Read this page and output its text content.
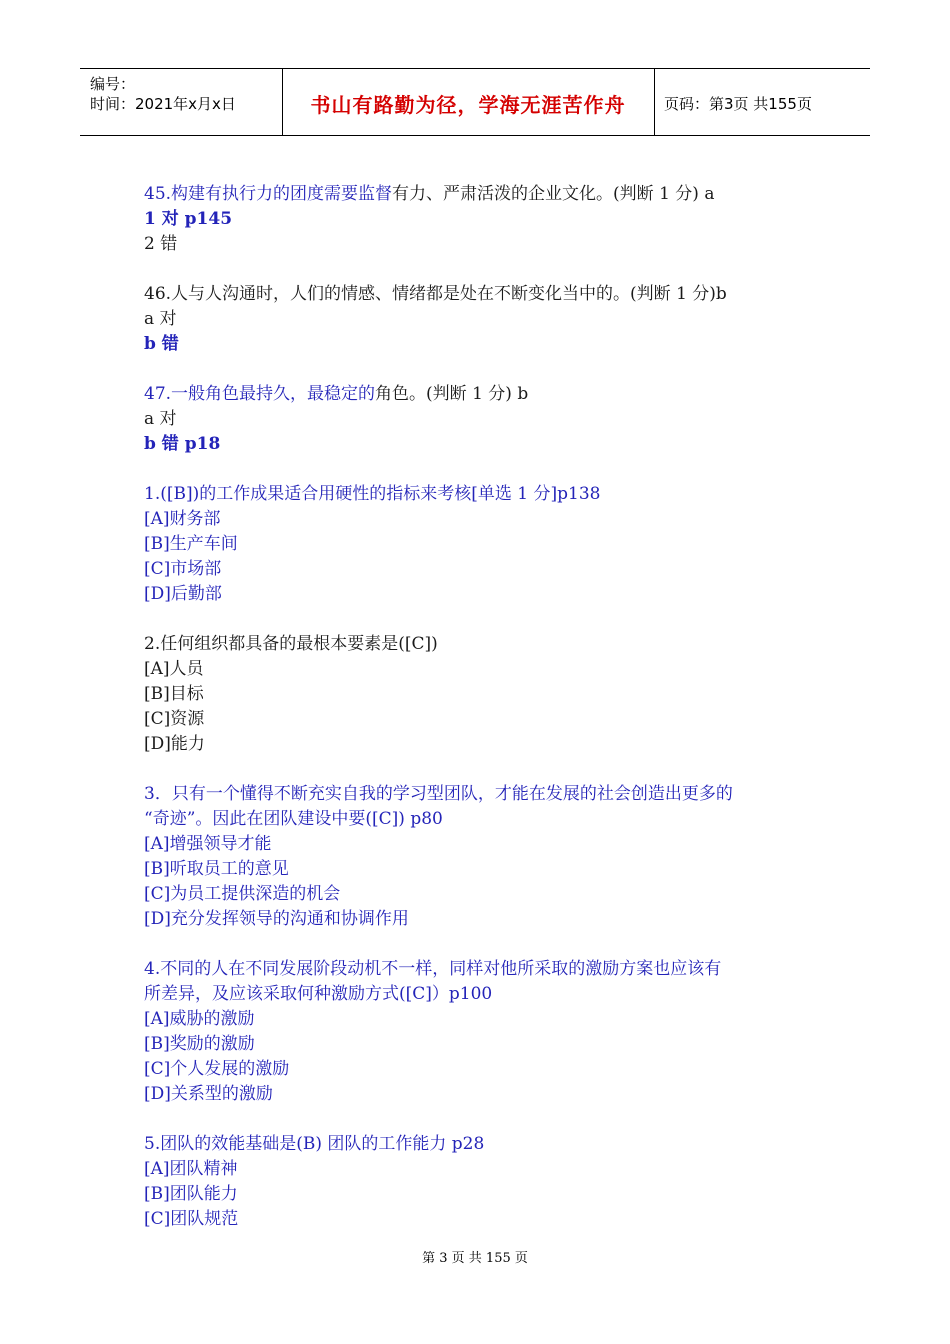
编号：
时间：2021年x月x日	书山有路勤为径，学海无涯苦作舟	页码：第3页 共155页
45.构建有执行力的团度需要监督有力、严肃活泼的企业文化。(判断 1 分) a
1 对 p145
2 错
46.人与人沟通时，人们的情感、情绪都是处在不断变化当中的。(判断 1 分)b
a 对
b 错
47.一般角色最持久，最稳定的角色。(判断 1 分) b
a 对
b 错 p18
1.([B])的工作成果适合用硬性的指标来考核[单选 1 分]p138
[A]财务部
[B]生产车间
[C]市场部
[D]后勤部
2.任何组织都具备的最根本要素是([C])
[A]人员
[B]目标
[C]资源
[D]能力
3．只有一个懂得不断充实自我的学习型团队，才能在发展的社会创造出更多的
“奇迹”。因此在团队建设中要([C]) p80
[A]增强领导才能
[B]听取员工的意见
[C]为员工提供深造的机会
[D]充分发挥领导的沟通和协调作用
4.不同的人在不同发展阶段动机不一样，同样对他所采取的激励方案也应该有
所差异，及应该采取何种激励方式([C]）p100
[A]威胁的激励
[B]奖励的激励
[C]个人发展的激励
[D]关系型的激励
5.团队的效能基础是(B) 团队的工作能力 p28
[A]团队精神
[B]团队能力
[C]团队规范
第 3 页 共 155 页
